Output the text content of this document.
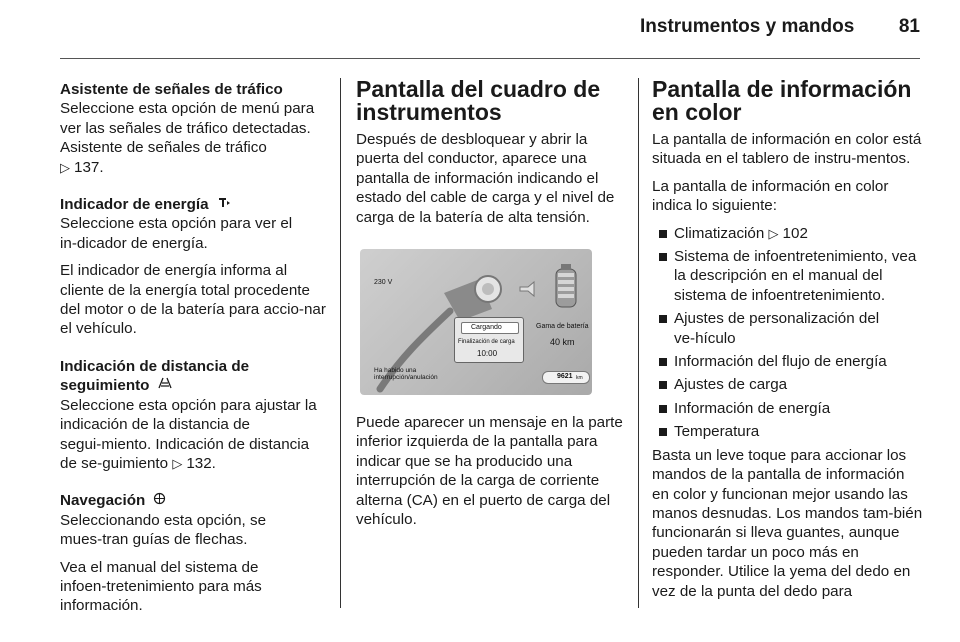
Instrumentos y mandos 81

Asistente de señales de tráfico

Seleccione esta opción de menú para ver las señales de tráfico detectadas. Asistente de señales de tráfico
▷ 137.

Indicador de energía

Seleccione esta opción para ver el in‑dicador de energía.

El indicador de energía informa al cliente de la energía total procedente del motor o de la batería para accio‑nar el vehículo.

Indicación de distancia de seguimiento

Seleccione esta opción para ajustar la indicación de la distancia de segui‑miento. Indicación de distancia de se‑guimiento ▷ 132.

Navegación

Seleccionando esta opción, se mues‑tran guías de flechas.

Vea el manual del sistema de infoen‑tretenimiento para más información.

Pantalla del cuadro de instrumentos

Después de desbloquear y abrir la puerta del conductor, aparece una pantalla de información indicando el estado del cable de carga y el nivel de carga de la batería de alta tensión.

230 V
Cargando
Finalización de carga
10:00
Gama de batería
40 km
Ha habido una interrupción/anulación	9621 km

Puede aparecer un mensaje en la parte inferior izquierda de la pantalla para indicar que se ha producido una interrupción de la carga de corriente alterna (CA) en el puerto de carga del vehículo.

Pantalla de información en color

La pantalla de información en color está situada en el tablero de instru‑mentos.

La pantalla de información en color indica lo siguiente:

Climatización ▷ 102
Sistema de infoentretenimiento, vea la descripción en el manual del sistema de infoentretenimiento.
Ajustes de personalización del ve‑hículo
Información del flujo de energía
Ajustes de carga
Información de energía
Temperatura

Basta un leve toque para accionar los mandos de la pantalla de información en color y funcionan mejor usando las manos desnudas. Los mandos tam‑bién funcionarán si lleva guantes, aunque pueden tardar un poco más en responder. Utilice la yema del dedo en vez de la punta del dedo para
